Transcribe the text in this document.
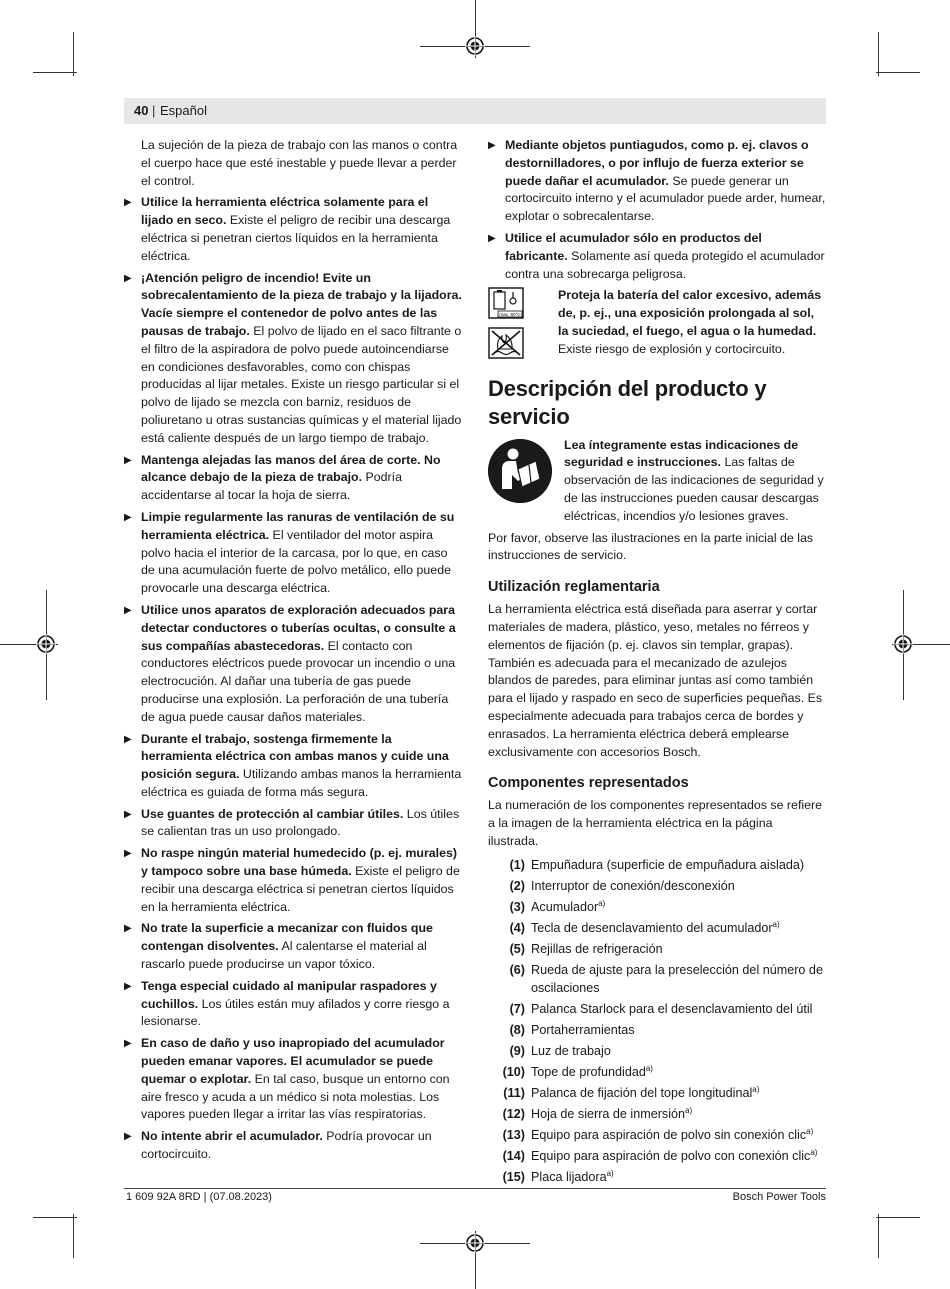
40 | Español

La sujeción de la pieza de trabajo con las manos o contra el cuerpo hace que esté inestable y puede llevar a perder el control.

▶ Utilice la herramienta eléctrica solamente para el lijado en seco. Existe el peligro de recibir una descarga eléctrica si penetran ciertos líquidos en la herramienta eléctrica.
▶ ¡Atención peligro de incendio! Evite un sobrecalentamiento de la pieza de trabajo y la lijadora. Vacíe siempre el contenedor de polvo antes de las pausas de trabajo. El polvo de lijado en el saco filtrante o el filtro de la aspiradora de polvo puede autoincendiarse en condiciones desfavorables, como con chispas producidas al lijar metales. Existe un riesgo particular si el polvo de lijado se mezcla con barniz, residuos de poliuretano u otras sustancias químicas y el material lijado está caliente después de un largo tiempo de trabajo.
▶ Mantenga alejadas las manos del área de corte. No alcance debajo de la pieza de trabajo. Podría accidentarse al tocar la hoja de sierra.
▶ Limpie regularmente las ranuras de ventilación de su herramienta eléctrica. El ventilador del motor aspira polvo hacia el interior de la carcasa, por lo que, en caso de una acumulación fuerte de polvo metálico, ello puede provocarle una descarga eléctrica.
▶ Utilice unos aparatos de exploración adecuados para detectar conductores o tuberías ocultas, o consulte a sus compañías abastecedoras. El contacto con conductores eléctricos puede provocar un incendio o una electrocución. Al dañar una tubería de gas puede producirse una explosión. La perforación de una tubería de agua puede causar daños materiales.
▶ Durante el trabajo, sostenga firmemente la herramienta eléctrica con ambas manos y cuide una posición segura. Utilizando ambas manos la herramienta eléctrica es guiada de forma más segura.
▶ Use guantes de protección al cambiar útiles. Los útiles se calientan tras un uso prolongado.
▶ No raspe ningún material humedecido (p. ej. murales) y tampoco sobre una base húmeda. Existe el peligro de recibir una descarga eléctrica si penetran ciertos líquidos en la herramienta eléctrica.
▶ No trate la superficie a mecanizar con fluidos que contengan disolventes. Al calentarse el material al rascarlo puede producirse un vapor tóxico.
▶ Tenga especial cuidado al manipular raspadores y cuchillos. Los útiles están muy afilados y corre riesgo a lesionarse.
▶ En caso de daño y uso inapropiado del acumulador pueden emanar vapores. El acumulador se puede quemar o explotar. En tal caso, busque un entorno con aire fresco y acuda a un médico si nota molestias. Los vapores pueden llegar a irritar las vías respiratorias.
▶ No intente abrir el acumulador. Podría provocar un cortocircuito.
▶ Mediante objetos puntiagudos, como p. ej. clavos o destornilladores, o por influjo de fuerza exterior se puede dañar el acumulador. Se puede generar un cortocircuito interno y el acumulador puede arder, humear, explotar o sobrecalentarse.
▶ Utilice el acumulador sólo en productos del fabricante. Solamente así queda protegido el acumulador contra una sobrecarga peligrosa.
max. 50°C

Proteja la batería del calor excesivo, además de, p. ej., una exposición prolongada al sol, la suciedad, el fuego, el agua o la humedad. Existe riesgo de explosión y cortocircuito.
Descripción del producto y servicio
Lea íntegramente estas indicaciones de seguridad e instrucciones. Las faltas de observación de las indicaciones de seguridad y de las instrucciones pueden causar descargas eléctricas, incendios y/o lesiones graves.

Por favor, observe las ilustraciones en la parte inicial de las instrucciones de servicio.

Utilización reglamentaria

La herramienta eléctrica está diseñada para aserrar y cortar materiales de madera, plástico, yeso, metales no férreos y elementos de fijación (p. ej. clavos sin templar, grapas). También es adecuada para el mecanizado de azulejos blandos de paredes, para eliminar juntas así como también para el lijado y raspado en seco de superficies pequeñas. Es especialmente adecuada para trabajos cerca de bordes y enrasados. La herramienta eléctrica deberá emplearse exclusivamente con accesorios Bosch.

Componentes representados

La numeración de los componentes representados se refiere a la imagen de la herramienta eléctrica en la página ilustrada.

(1) Empuñadura (superficie de empuñadura aislada)
(2) Interruptor de conexión/desconexión
(3) Acumulador$^{a)}$
(4) Tecla de desenclavamiento del acumulador$^{a)}$
(5) Rejillas de refrigeración
(6) Rueda de ajuste para la preselección del número de oscilaciones
(7) Palanca Starlock para el desenclavamiento del útil
(8) Portaherramientas
(9) Luz de trabajo
(10) Tope de profundidad$^{a)}$
(11) Palanca de fijación del tope longitudinal$^{a)}$
(12) Hoja de sierra de inmersión$^{a)}$
(13) Equipo para aspiración de polvo sin conexión clic$^{a)}$
(14) Equipo para aspiración de polvo con conexión clic$^{a)}$
(15) Placa lijadora$^{a)}$
1 609 92A 8RD | (07.08.2023)	Bosch Power Tools
